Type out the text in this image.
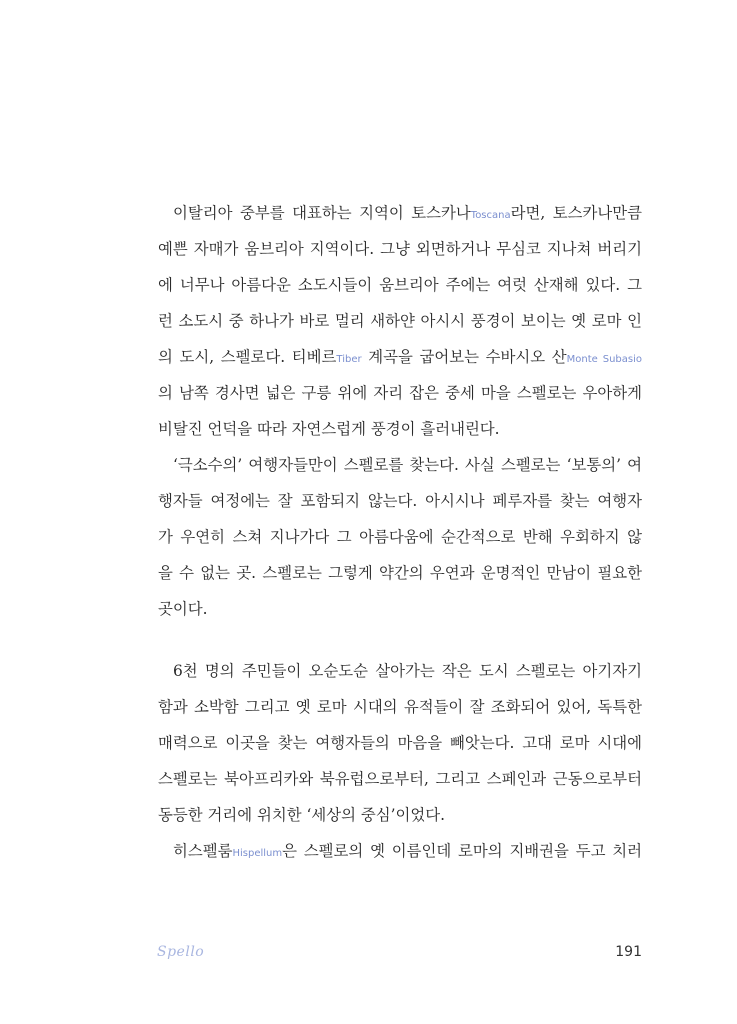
이탈리아 중부를 대표하는 지역이 토스카나Toscana라면, 토스카나만큼
예쁜 자매가 움브리아 지역이다. 그냥 외면하거나 무심코 지나쳐 버리기
에 너무나 아름다운 소도시들이 움브리아 주에는 여럿 산재해 있다. 그
런 소도시 중 하나가 바로 멀리 새하얀 아시시 풍경이 보이는 옛 로마 인
의 도시, 스펠로다. 티베르Tiber 계곡을 굽어보는 수바시오 산Monte Subasio
의 남쪽 경사면 넓은 구릉 위에 자리 잡은 중세 마을 스펠로는 우아하게
비탈진 언덕을 따라 자연스럽게 풍경이 흘러내린다.
‘극소수의’ 여행자들만이 스펠로를 찾는다. 사실 스펠로는 ‘보통의’ 여
행자들 여정에는 잘 포함되지 않는다. 아시시나 페루자를 찾는 여행자
가 우연히 스쳐 지나가다 그 아름다움에 순간적으로 반해 우회하지 않
을 수 없는 곳. 스펠로는 그렇게 약간의 우연과 운명적인 만남이 필요한
곳이다.
6천 명의 주민들이 오순도순 살아가는 작은 도시 스펠로는 아기자기
함과 소박함 그리고 옛 로마 시대의 유적들이 잘 조화되어 있어, 독특한
매력으로 이곳을 찾는 여행자들의 마음을 빼앗는다. 고대 로마 시대에
스펠로는 북아프리카와 북유럽으로부터, 그리고 스페인과 근동으로부터
동등한 거리에 위치한 ‘세상의 중심’이었다.
히스펠룸Hispellum은 스펠로의 옛 이름인데 로마의 지배권을 두고 치러
Spello	191
